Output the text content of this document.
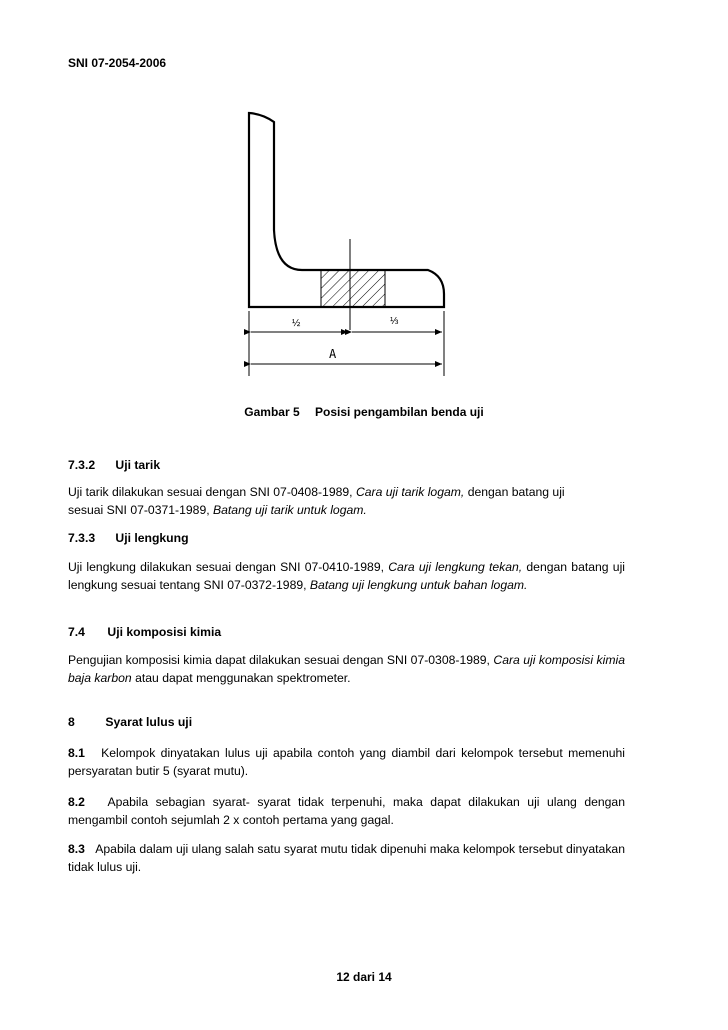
SNI 07-2054-2006
½	⅓
A
Gambar 5 Posisi pengambilan benda uji
7.3.2 Uji tarik
Uji tarik dilakukan sesuai dengan SNI 07-0408-1989, Cara uji tarik logam, dengan batang uji
sesuai SNI 07-0371-1989, Batang uji tarik untuk logam.
7.3.3 Uji lengkung
Uji lengkung dilakukan sesuai dengan SNI 07-0410-1989, Cara uji lengkung tekan, dengan batang uji lengkung sesuai tentang SNI 07-0372-1989, Batang uji lengkung untuk bahan logam.
7.4 Uji komposisi kimia
Pengujian komposisi kimia dapat dilakukan sesuai dengan SNI 07-0308-1989, Cara uji komposisi kimia baja karbon atau dapat menggunakan spektrometer.
8	Syarat lulus uji
8.1 Kelompok dinyatakan lulus uji apabila contoh yang diambil dari kelompok tersebut memenuhi persyaratan butir 5 (syarat mutu).
8.2 Apabila sebagian syarat- syarat tidak terpenuhi, maka dapat dilakukan uji ulang dengan mengambil contoh sejumlah 2 x contoh pertama yang gagal.
8.3 Apabila dalam uji ulang salah satu syarat mutu tidak dipenuhi maka kelompok tersebut dinyatakan tidak lulus uji.
12 dari 14
